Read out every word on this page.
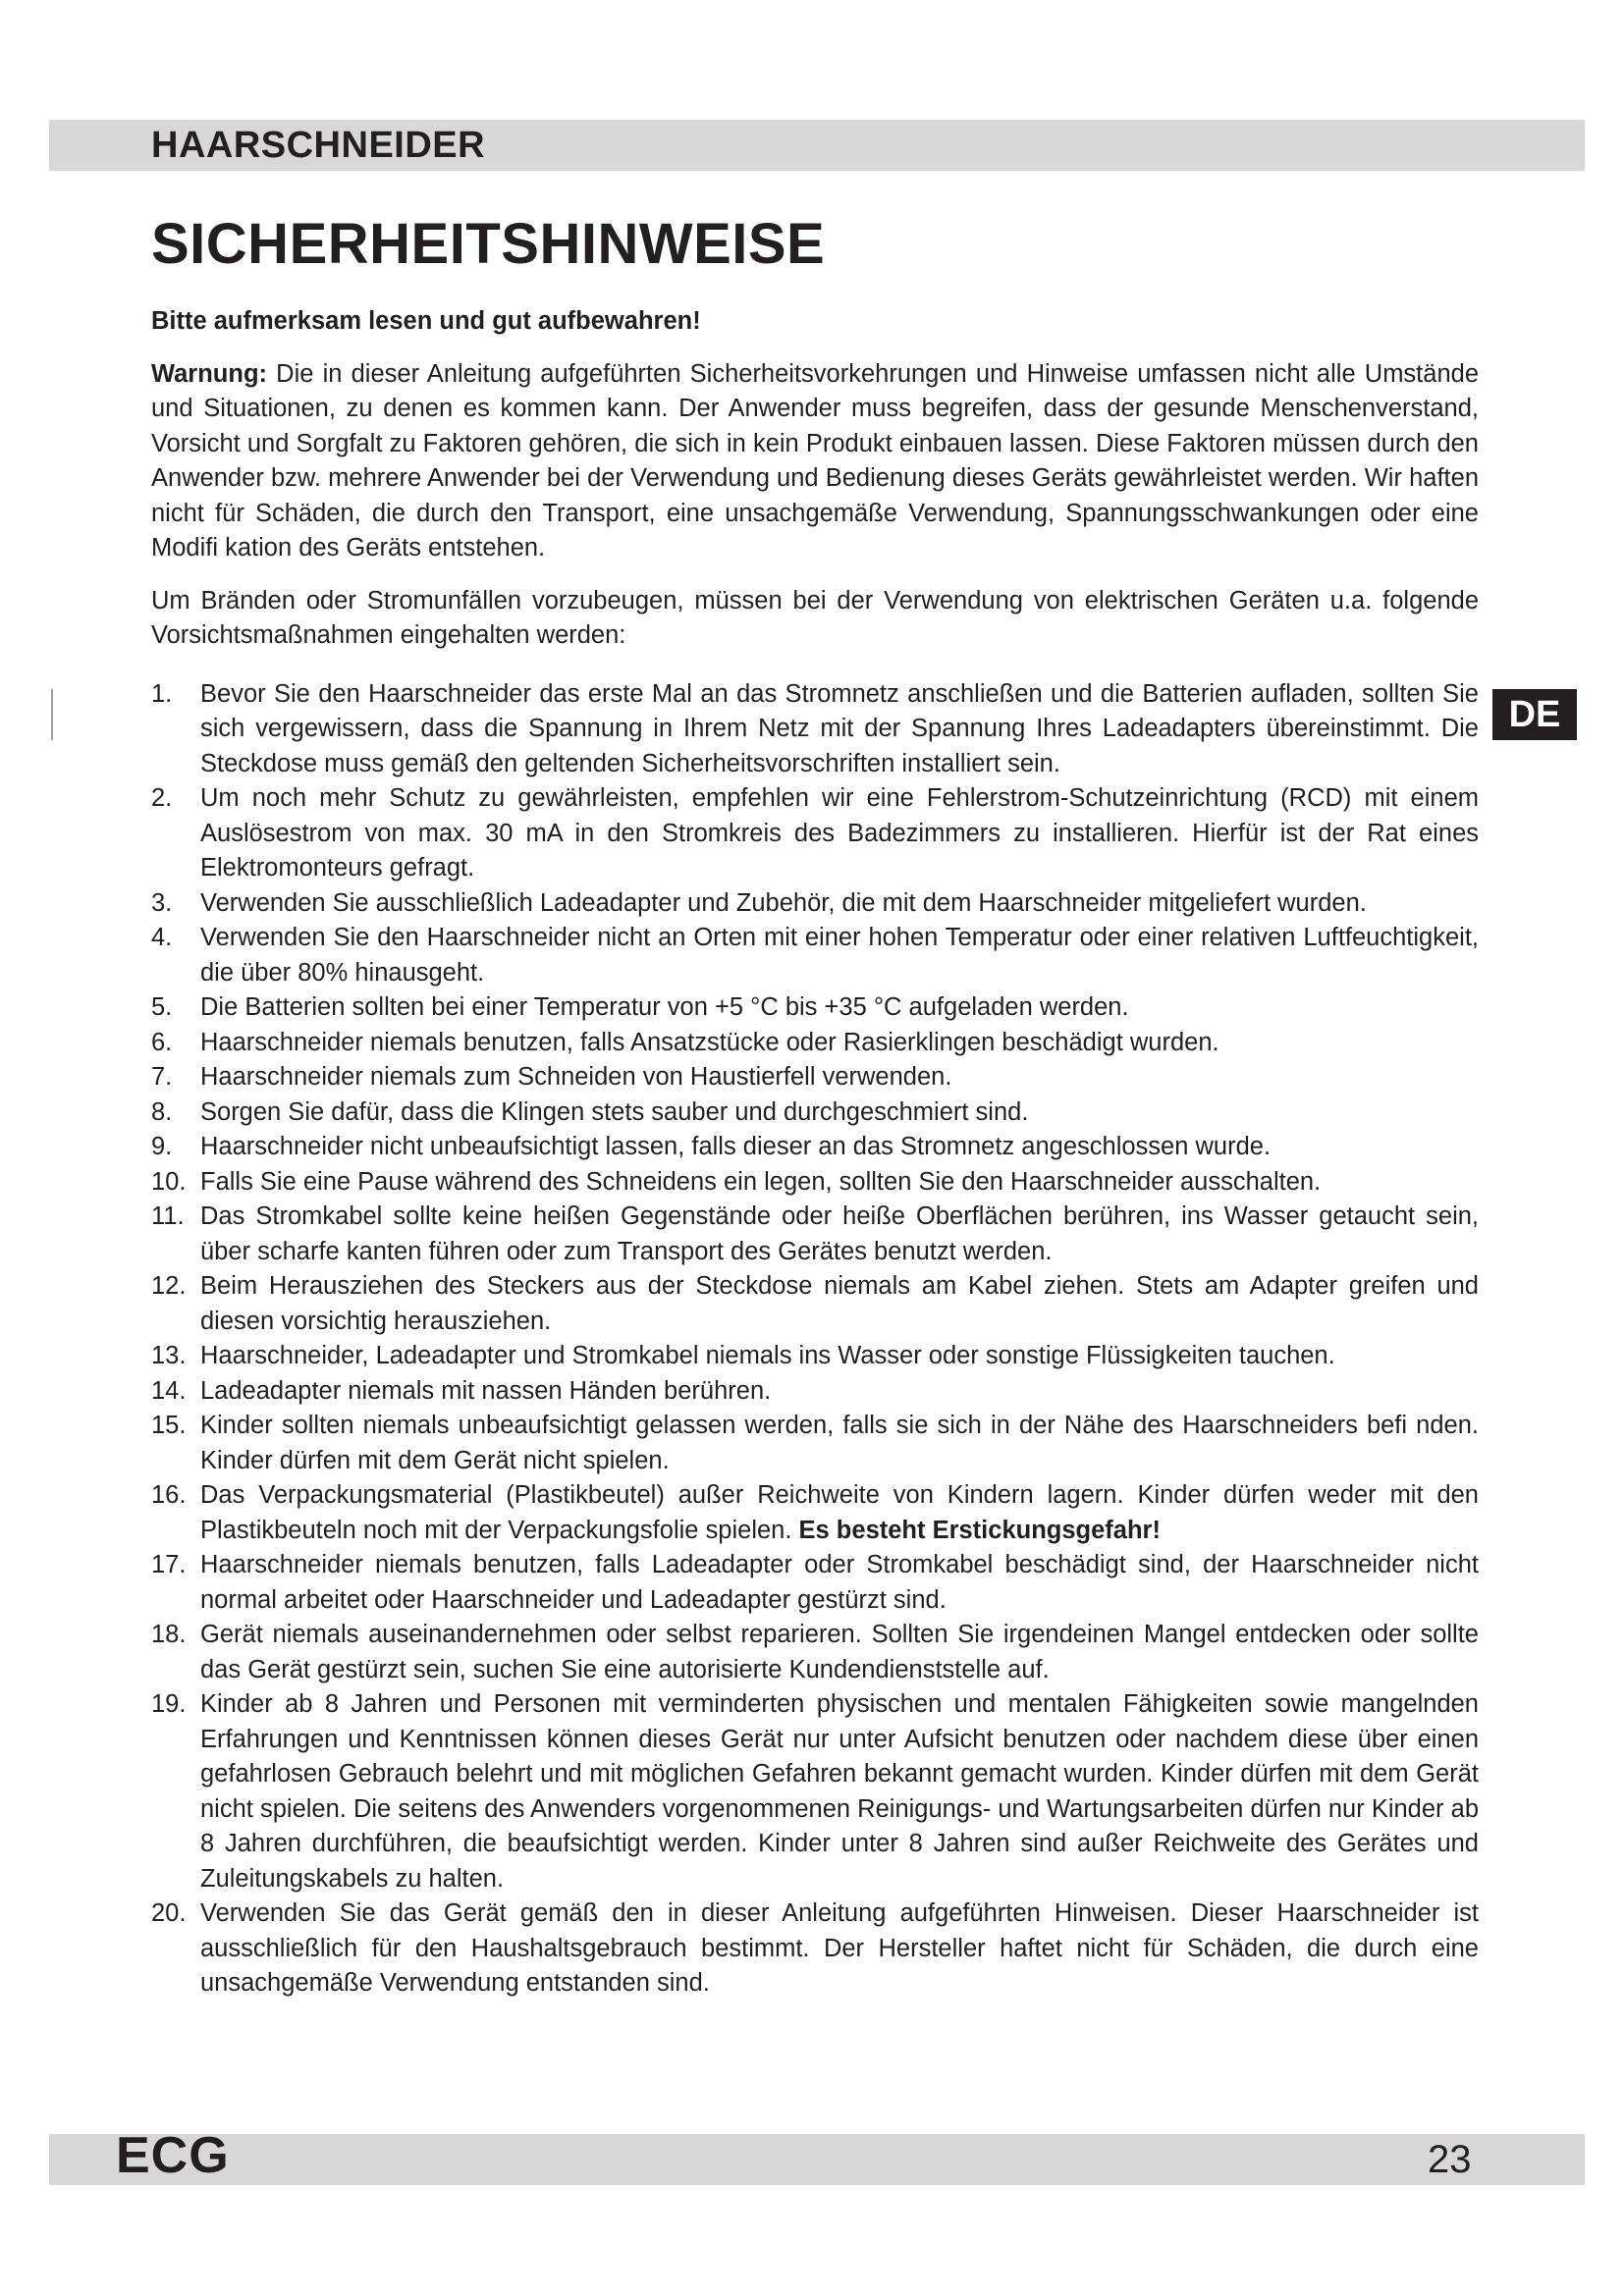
HAARSCHNEIDER
SICHERHEITSHINWEISE
DE

Bitte aufmerksam lesen und gut aufbewahren!

Warnung: Die in dieser Anleitung aufgeführten Sicherheitsvorkehrungen und Hinweise umfassen nicht alle Umstände und Situationen, zu denen es kommen kann. Der Anwender muss begreifen, dass der gesunde Menschenverstand, Vorsicht und Sorgfalt zu Faktoren gehören, die sich in kein Produkt einbauen lassen. Diese Faktoren müssen durch den Anwender bzw. mehrere Anwender bei der Verwendung und Bedienung dieses Geräts gewährleistet werden. Wir haften nicht für Schäden, die durch den Transport, eine unsachgemäße Verwendung, Spannungsschwankungen oder eine Modifi kation des Geräts entstehen.

Um Bränden oder Stromunfällen vorzubeugen, müssen bei der Verwendung von elektrischen Geräten u.a. folgende Vorsichtsmaßnahmen eingehalten werden:

1.	Bevor Sie den Haarschneider das erste Mal an das Stromnetz anschließen und die Batterien aufladen, sollten Sie sich vergewissern, dass die Spannung in Ihrem Netz mit der Spannung Ihres Ladeadapters übereinstimmt. Die Steckdose muss gemäß den geltenden Sicherheitsvorschriften installiert sein.
2.	Um noch mehr Schutz zu gewährleisten, empfehlen wir eine Fehlerstrom-Schutzeinrichtung (RCD) mit einem Auslösestrom von max. 30 mA in den Stromkreis des Badezimmers zu installieren. Hierfür ist der Rat eines Elektromonteurs gefragt.
3.	Verwenden Sie ausschließlich Ladeadapter und Zubehör, die mit dem Haarschneider mitgeliefert wurden.
4.	Verwenden Sie den Haarschneider nicht an Orten mit einer hohen Temperatur oder einer relativen Luftfeuchtigkeit, die über 80% hinausgeht.
5.	Die Batterien sollten bei einer Temperatur von +5 °C bis +35 °C aufgeladen werden.
6.	Haarschneider niemals benutzen, falls Ansatzstücke oder Rasierklingen beschädigt wurden.
7.	Haarschneider niemals zum Schneiden von Haustierfell verwenden.
8.	Sorgen Sie dafür, dass die Klingen stets sauber und durchgeschmiert sind.
9.	Haarschneider nicht unbeaufsichtigt lassen, falls dieser an das Stromnetz angeschlossen wurde.
10. Falls Sie eine Pause während des Schneidens ein legen, sollten Sie den Haarschneider ausschalten.
11. Das Stromkabel sollte keine heißen Gegenstände oder heiße Oberflächen berühren, ins Wasser getaucht sein, über scharfe kanten führen oder zum Transport des Gerätes benutzt werden.
12. Beim Herausziehen des Steckers aus der Steckdose niemals am Kabel ziehen. Stets am Adapter greifen und diesen vorsichtig herausziehen.
13. Haarschneider, Ladeadapter und Stromkabel niemals ins Wasser oder sonstige Flüssigkeiten tauchen.
14. Ladeadapter niemals mit nassen Händen berühren.
15. Kinder sollten niemals unbeaufsichtigt gelassen werden, falls sie sich in der Nähe des Haarschneiders befi nden. Kinder dürfen mit dem Gerät nicht spielen.
16. Das Verpackungsmaterial (Plastikbeutel) außer Reichweite von Kindern lagern. Kinder dürfen weder mit den Plastikbeuteln noch mit der Verpackungsfolie spielen. Es besteht Erstickungsgefahr!
17. Haarschneider niemals benutzen, falls Ladeadapter oder Stromkabel beschädigt sind, der Haarschneider nicht normal arbeitet oder Haarschneider und Ladeadapter gestürzt sind.
18. Gerät niemals auseinandernehmen oder selbst reparieren. Sollten Sie irgendeinen Mangel entdecken oder sollte das Gerät gestürzt sein, suchen Sie eine autorisierte Kundendienststelle auf.
19. Kinder ab 8 Jahren und Personen mit verminderten physischen und mentalen Fähigkeiten sowie mangelnden Erfahrungen und Kenntnissen können dieses Gerät nur unter Aufsicht benutzen oder nachdem diese über einen gefahrlosen Gebrauch belehrt und mit möglichen Gefahren bekannt gemacht wurden. Kinder dürfen mit dem Gerät nicht spielen. Die seitens des Anwenders vorgenommenen Reinigungs- und Wartungsarbeiten dürfen nur Kinder ab 8 Jahren durchführen, die beaufsichtigt werden. Kinder unter 8 Jahren sind außer Reichweite des Gerätes und Zuleitungskabels zu halten.
20. Verwenden Sie das Gerät gemäß den in dieser Anleitung aufgeführten Hinweisen. Dieser Haarschneider ist ausschließlich für den Haushaltsgebrauch bestimmt. Der Hersteller haftet nicht für Schäden, die durch eine unsachgemäße Verwendung entstanden sind.
ECG	23
